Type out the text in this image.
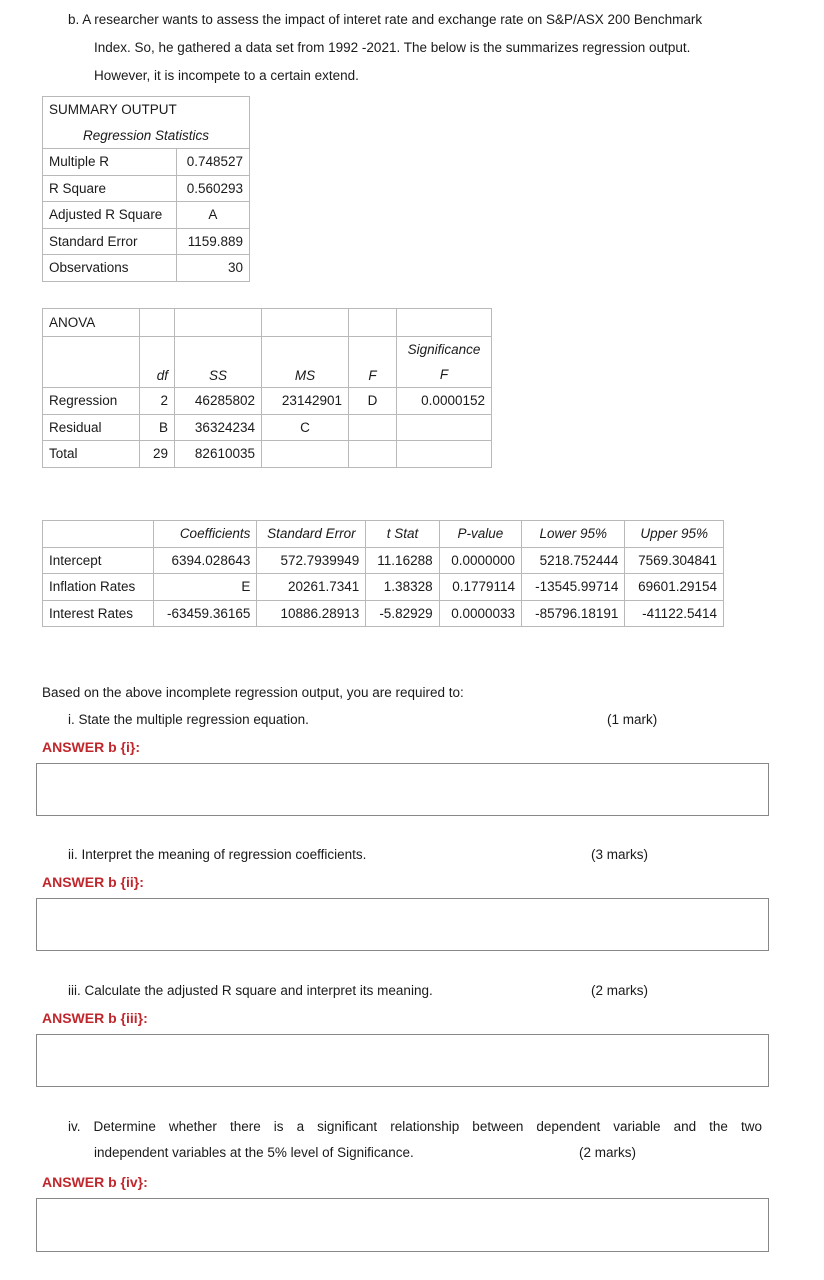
b. A researcher wants to assess the impact of interet rate and exchange rate on S&P/ASX 200 Benchmark
Index. So, he gathered a data set from 1992 -2021. The below is the summarizes regression output.
However, it is incompete to a certain extend.
SUMMARY OUTPUT	
Regression Statistics	
Multiple R	0.748527
R Square	0.560293
Adjusted R Square	A
Standard Error	1159.889
Observations	30
ANOVA					
	df	SS	MS	F	Significance
F

Regression	2	46285802	23142901	D	0.0000152
Residual	B	36324234	C		
Total	29	82610035			
	Coefficients	Standard Error	t Stat	P-value	Lower 95%	Upper 95%
Intercept	6394.028643	572.7939949	11.16288	0.0000000	5218.752444	7569.304841
Inflation Rates	E	20261.7341	1.38328	0.1779114	-13545.99714	69601.29154
Interest Rates	-63459.36165	10886.28913	-5.82929	0.0000033	-85796.18191	-41122.5414
Based on the above incomplete regression output, you are required to:
i. State the multiple regression equation.	(1 mark)
ANSWER b {i}:
ii. Interpret the meaning of regression coefficients.	(3 marks)
ANSWER b {ii}:
iii. Calculate the adjusted R square and interpret its meaning.	(2 marks)
ANSWER b {iii}:
iv. Determine whether there is a significant relationship between dependent variable and the two
independent variables at the 5% level of Significance.	(2 marks)
ANSWER b {iv}:
